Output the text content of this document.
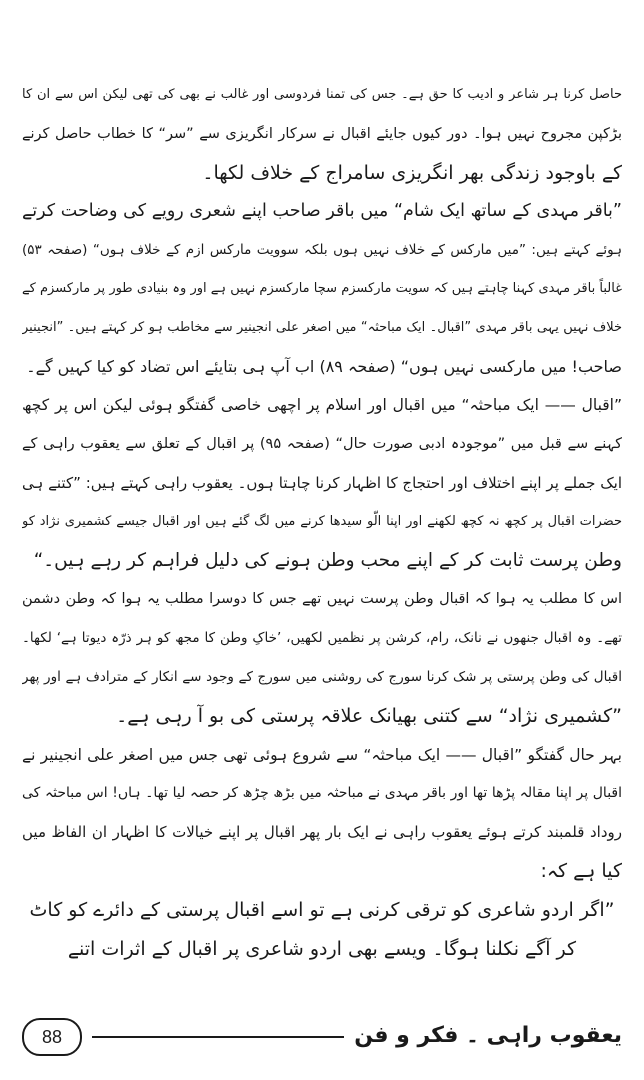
حاصل کرنا ہر شاعر و ادیب کا حق ہے۔ جس کی تمنا فردوسی اور غالب نے بھی کی تھی لیکن اس سے ان کا
بڑکپن مجروح نہیں ہوا۔ دور کیوں جایئے اقبال نے سرکار انگریزی سے ”سر“ کا خطاب حاصل کرنے
کے باوجود زندگی بھر انگریزی سامراج کے خلاف لکھا۔
”باقر مہدی کے ساتھ ایک شام“ میں باقر صاحب اپنے شعری رویے کی وضاحت کرتے
ہوئے کہتے ہیں: ”میں مارکس کے خلاف نہیں ہوں بلکہ سوویت مارکس ازم کے خلاف ہوں“ (صفحہ ۵۳)
غالباً باقر مہدی کہنا چاہتے ہیں کہ سویت مارکسزم سچا مارکسزم نہیں ہے اور وہ بنیادی طور پر مارکسزم کے
خلاف نہیں یہی باقر مہدی ”اقبال۔ ایک مباحثہ“ میں اصغر علی انجینیر سے مخاطب ہو کر کہتے ہیں۔ ”انجینیر
صاحب! میں مارکسی نہیں ہوں“ (صفحہ ۸۹) اب آپ ہی بتایئے اس تضاد کو کیا کہیں گے۔
”اقبال —— ایک مباحثہ“ میں اقبال اور اسلام پر اچھی خاصی گفتگو ہوئی لیکن اس پر کچھ
کہنے سے قبل میں ”موجودہ ادبی صورت حال“ (صفحہ ۹۵) پر اقبال کے تعلق سے یعقوب راہی کے
ایک جملے پر اپنے اختلاف اور احتجاج کا اظہار کرنا چاہتا ہوں۔ یعقوب راہی کہتے ہیں: ”کتنے ہی
حضرات اقبال پر کچھ نہ کچھ لکھنے اور اپنا الّو سیدھا کرنے میں لگ گئے ہیں اور اقبال جیسے کشمیری نژاد کو
وطن پرست ثابت کر کے اپنے محب وطن ہونے کی دلیل فراہم کر رہے ہیں۔“
اس کا مطلب یہ ہوا کہ اقبال وطن پرست نہیں تھے جس کا دوسرا مطلب یہ ہوا کہ وطن دشمن
تھے۔ وہ اقبال جنھوں نے نانک، رام، کرشن پر نظمیں لکھیں، ’خاکِ وطن کا مجھ کو ہر ذرّہ دیوتا ہے‘ لکھا۔
اقبال کی وطن پرستی پر شک کرنا سورج کی روشنی میں سورج کے وجود سے انکار کے مترادف ہے اور پھر
”کشمیری نژاد“ سے کتنی بھیانک علاقہ پرستی کی بو آ رہی ہے۔
بہر حال گفتگو ”اقبال —— ایک مباحثہ“ سے شروع ہوئی تھی جس میں اصغر علی انجینیر نے
اقبال پر اپنا مقالہ پڑھا تھا اور باقر مہدی نے مباحثہ میں بڑھ چڑھ کر حصہ لیا تھا۔ ہاں! اس مباحثہ کی
روداد قلمبند کرتے ہوئے یعقوب راہی نے ایک بار پھر اقبال پر اپنے خیالات کا اظہار ان الفاظ میں
کیا ہے کہ:
”اگر اردو شاعری کو ترقی کرنی ہے تو اسے اقبال پرستی کے دائرے کو کاٹ
کر آگے نکلنا ہوگا۔ ویسے بھی اردو شاعری پر اقبال کے اثرات اتنے
88	یعقوب راہی ۔ فکر و فن
